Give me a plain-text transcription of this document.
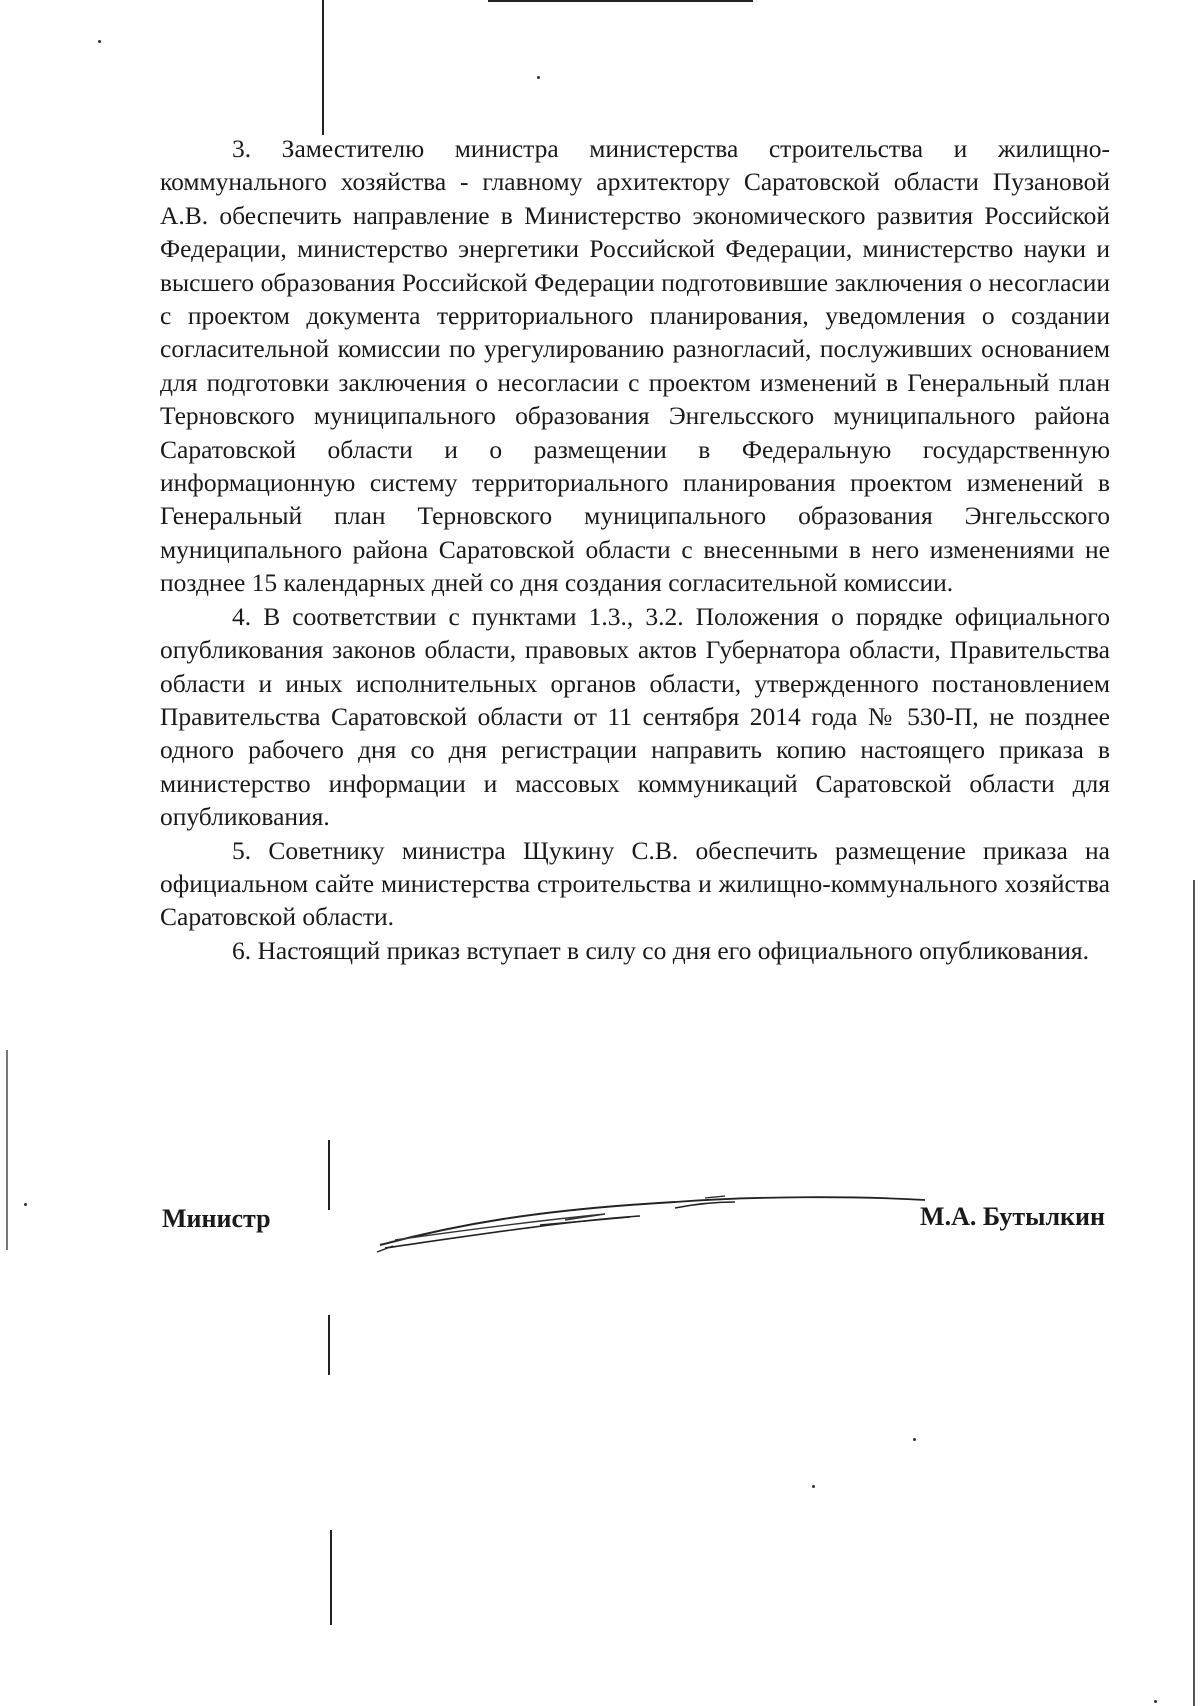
3. Заместителю министра министерства строительства и жилищно-коммунального хозяйства - главному архитектору Саратовской области Пузановой А.В. обеспечить направление в Министерство экономического развития Российской Федерации, министерство энергетики Российской Федерации, министерство науки и высшего образования Российской Федерации подготовившие заключения о несогласии с проектом документа территориального планирования, уведомления о создании согласительной комиссии по урегулированию разногласий, послуживших основанием для подготовки заключения о несогласии с проектом изменений в Генеральный план Терновского муниципального образования Энгельсского муниципального района Саратовской области и о размещении в Федеральную государственную информационную систему территориального планирования проектом изменений в Генеральный план Терновского муниципального образования Энгельсского муниципального района Саратовской области с внесенными в него изменениями не позднее 15 календарных дней со дня создания согласительной комиссии.

4. В соответствии с пунктами 1.3., 3.2. Положения о порядке официального опубликования законов области, правовых актов Губернатора области, Правительства области и иных исполнительных органов области, утвержденного постановлением Правительства Саратовской области от 11 сентября 2014 года № 530-П, не позднее одного рабочего дня со дня регистрации направить копию настоящего приказа в министерство информации и массовых коммуникаций Саратовской области для опубликования.

5. Советнику министра Щукину С.В. обеспечить размещение приказа на официальном сайте министерства строительства и жилищно-коммунального хозяйства Саратовской области.

6. Настоящий приказ вступает в силу со дня его официального опубликования.

Министр	М.А. Бутылкин
